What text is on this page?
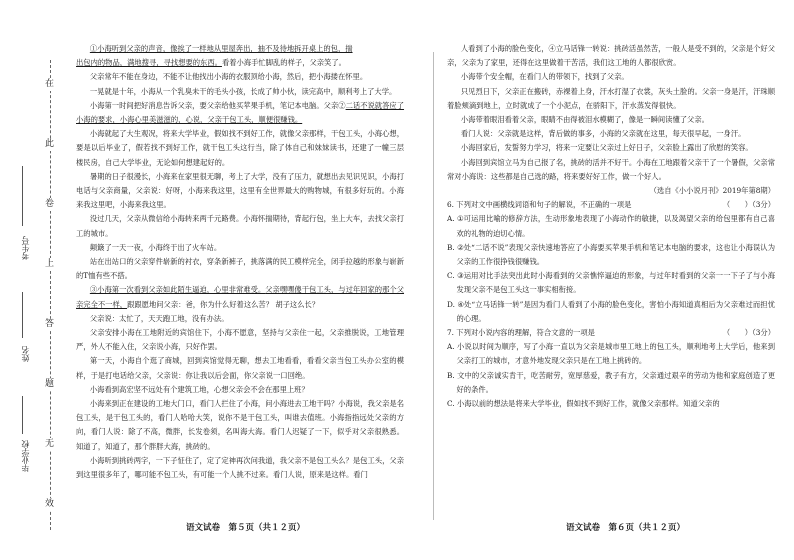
在
此
卷
上
答
题
无
效
考生号
姓名
毕业学校

①小海听到父亲的声音，像挨了一样地从里屋奔出，抽不及待地拆开桌上的包，揣

出包内的物品，满地搜寻，寻找想要的东西。看着小海手忙脚乱的样子，父亲笑了。

父亲常年不能在身边，不能不让他找出小海的衣服顶给小海，然后，把小海搂在怀里。

一晃就是十年，小海从一个乳臭未干的毛头小孩，长成了帅小伙，读完高中，顺利考上了大学。

小海第一时间把好消息告诉父亲，要父亲给他买苹果手机，笔记本电脑。父亲②二话不说就答应了小海的要求，小海心里美滋滋的，心说，父亲干包工头，顺便很赚钱。

小海就起了大生观况，将来大学毕业，假如找不到好工作，就像父亲那样，干包工头，小海心想，要是以后毕业了，假若找不到好工作，就干包工头这行当，除了体自己和妹妹读书，还建了一幢三层楼民房，自己大学毕业，无论如何想建起好的。

暑期的日子很漫长，小海来在家里很无聊，考上了大学，没有了压力，就想出去见识见识，小海打电话与父亲商量，父亲说：好呀，小海来我这里，这里有全世界最大的购物城，有很多好玩的。小海来我这里吧，小海来我这里。

没过几天，父亲从微信给小海转来两千元路费。小海怀揣期待，背起行包，坐上大车，去找父亲打工的城市。

颠簸了一天一夜，小海终于出了火车站。

站在出站口的父亲穿件崭新的衬衣，穿条新裤子，挑落满的民工模样完全，闭手拉越的形象与崭新的T恤有些不搭。

③小海第一次看到父亲如此陌生逼迫，心里非常难受。父亲嘿嘿傻干包工头，与过年回家的那个父亲完全不一样，跟跟愿地问父亲：爸，你为什么好着这么苦？ 胡子这么长？

父亲说：太忙了，天天跑工地，没有办法。

父亲安排小海在工地附近的宾馆住下，小海不愿意，坚持与父亲住一起，父亲推脱说，工地管理严，外人不能入住，父亲说小海，只好作罢。

第一天，小海自个逛了商城，回到宾馆觉得无聊，想去工地看看，看看父亲当包工头办公室的模样，于是打电话给父亲，父亲说：你让我以后会面，你父亲说一口回绝。

小海看到高宏坚不远处有个建筑工地，心想父亲会不会在那里上班？

小海来到正在建设的工地大门口，看门人拦住了小海，问小海进去工地干吗？小海说，我父亲是名包工头，是干包工头的，看门人哈哈大笑，说你不是干包工头，叫谁去值班。小海指指远处父亲的方向，看门人说：除了不高，微胖，长发卷须，名叫海大海。看门人迟疑了一下，似乎对父亲很熟悉。知道了，知道了，那个胖胖大海，挑砖的。

小海听到挑砖两字，一下子怔住了，定了定神再次问我道，我父亲不是包工头么？是包工头，父亲到这里很多年了，哪可能不包工头，有可能一个人挑不过来。看门人说，原来是这样。看门

人看到了小海的脸色变化，④立马话锋一转说：挑砖活虽然苦，一般人是受不到的，父亲是个好父亲，父亲为了家里，还得在这里做着干苦活，我们这工地的人都很欣赏。

小海带个安全帽，在看门人的带领下，找到了父亲。

只见烈日下，父亲正在搬砖，赤裸着上身，汗水打湿了衣裳，灰头土脸的。父亲一身是汗，汗珠顺着脸颊滴到地上，立时就成了一个小泥点，在骄阳下，汗水蒸发得很快。

小海带着眼泪看着父亲，眼睛不由得被泪水模糊了，像是一瞬间读懂了父亲。

看门人说：父亲就是这样，背后做的事多，小海的父亲就在这里，每天很早起，一身汗。

小海回家后，发誓努力学习，将来一定要让父亲过上好日子，父亲脸上露出了欣慰的笑容。

小海回到宾馆立马为自己报了名，挑砖的活并不好干。小海在工地跟着父亲干了一个暑假，父亲常常对小海说：这些都是自己选的路，将来要好好工作，做一个好人。

（选自《小小说月刊》2019年第8期）

6. 下列对文中画横线词语和句子的解说，不正确的一项是	（　　）（3分）

A. ①可运用比喻的修辞方法，生动形象地表现了小海动作的敏捷，以及渴望父亲的给包里都有自己喜欢的礼物的迫切心情。

B. ②处“二话不说”表现父亲快速地答应了小海要买苹果手机和笔记本电脑的要求，这也让小海误认为父亲的工作很挣钱很赚钱。

C. ③运用对比手法突出此时小海看到的父亲憔悴逼迫的形象，与过年时看到的父亲一一下子了与小海发现父亲不是包工头这一事实相衔接。

D. ④处“立马话锋一转”是因为看门人看到了小海的脸色变化，害怕小海知道真相后为父亲难过而担忧的心理。

7. 下列对小说内容的理解，符合文意的一项是	（　　）（3分）

A. 小说以时间为顺序，写了小海一直以为父亲是城市里工地上的包工头，顺利地考上大学后，他来到父亲打工的城市，才意外地发现父亲只是在工地上挑砖的。

B. 文中的父亲诚实肯干，吃苦耐劳，宽厚慈爱，教子有方，父亲通过艰辛的劳动为他和家庭创造了更好的条件。

C. 小海以前的想法是将来大学毕业，假如找不到好工作，就像父亲那样。知道父亲的

语文试卷　第５页（共１２页）	语文试卷　第６页（共１２页）
